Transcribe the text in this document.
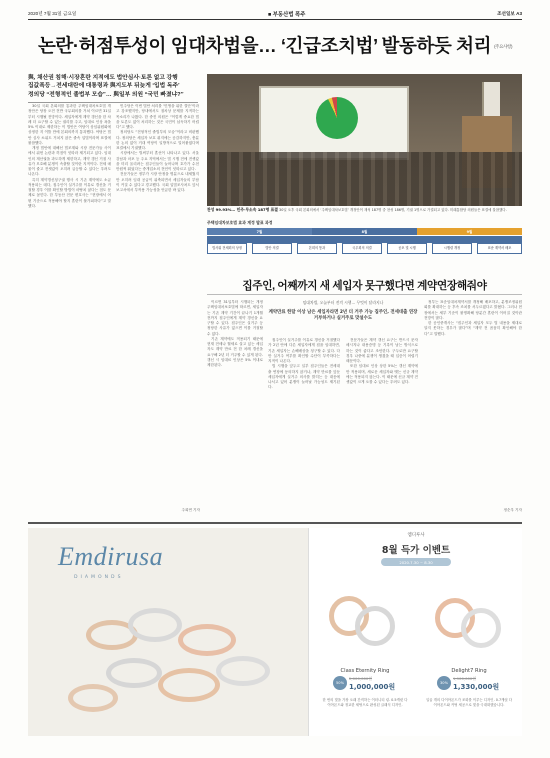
2020년 7월 31일 금요일	■ 부동산법 폭주	조선일보 A3
논란·허점투성이 임대차법을… ‘긴급조치법’ 발동하듯 처리 (주요사항)
與, 채산권 침해·시장혼란 지적에도 법안심사·토론 없고 강행
집값폭등→전세대란에 대통령과 與지도부 뒤늦게 ‘입법 독주’
정의당 “전형적인 졸법부 모습”… 與일부 의원 “국민 빠졌냐?”

30일 국회 본회의를 통과한 주택임대차보호법 개정안은 당장 오전 전반 국무회의를 거쳐 이르면 31일부터 시행될 전망이다. 세입자에게 계약 갱신을 한 차례 더 요구할 수 있는 권리를 주고, 임대료 인상 폭을 5% 이내로 제한하는 이 법안은 여당이 상임위원회에 상정한 지 이틀 만에 본회의까지 통과했다. 야당은 법안 심사 소위도 거치지 않은 졸속 입법이라며 표결에 불참했다.

개정 법안에 대해선 법조계와 시장 전문가들 사이에서 위헌 논란과 허점이 잇따라 제기되고 있다. 임대인의 재산권을 과도하게 제한하고, 계약 갱신 거절 사유가 모호해 분쟁이 속출할 것이란 지적이다. 전세 매물이 줄고 전셋값이 오히려 급등할 수 있다는 우려도 나온다.

특히 계약갱신청구권 행사 시 기존 계약에도 소급 적용되는 데다, 집주인이 실거주를 이유로 갱신을 거절할 경우 이를 확인할 방법이 마땅치 않다는 점도 문제로 꼽힌다. 한 부동산 전문 변호사는 “현장에서 어떤 기준으로 적용해야 할지 혼란이 불가피하다”고 말했다.

민주당은 이번 법안 처리를 ‘민생을 위한 결단’이라고 강조했지만, 당내에서도 절차상 문제를 지적하는 목소리가 나왔다. 한 중진 의원은 “이렇게 중요한 법을 토론도 없이 처리하는 것은 국민이 납득하기 어렵다”고 했다.

정의당도 “전형적인 졸법부의 모습”이라고 비판했다. 정의당은 세입자 보호 취지에는 공감하지만, 충분한 논의 없이 거대 여당이 일방적으로 밀어붙였다며 표결에서 기권했다.

시장에서는 벌써부터 혼선이 나타나고 있다. 서울 강남과 마포 등 주요 지역에서는 법 시행 전에 전셋값을 미리 올리려는 집주인들이 늘어나며 호가가 수천만원씩 뛰었다는 중개업소의 전언이 잇따르고 있다.

전문가들은 정부가 시장 안정을 명분으로 내세웠지만 오히려 임대 공급이 위축되면서 세입자들의 부담이 커질 수 있다고 경고했다. 국회 입법조사처도 앞서 보고서에서 부작용 가능성을 언급한 바 있다.

주희연 기자
찬성 99.93%… 민주·무소속 187명 표결 30일 오후 국회 본회의에서 ‘주택임대차보호법’ 개정안이 재석 187명 중 찬성 186명, 기권 1명으로 가결되고 있다. 미래통합당 의원들은 표결에 불참했다.
주택임대차보호법 효과 계정 발표 과정
7월	8월	9월
법사위 전체회의 상정	법안 의결	본회의 통과	국무회의 의결	공포 및 시행	시행령 개정	표준 계약서 배포
집주인, 어째까지 새 세입자 못구했다면 계약연장해줘야
임대차법, 오늘부터 전격 시행… 무엇이 달라지나
계약만료 한달 이상 남은 세입자라면 2년 더 거주 가능 집주인, 전세대출 연장 거부하거나 실거주로 맞설수도

이르면 31일부터 시행되는 개정 주택임대차보호법에 따르면, 세입자는 기존 계약 기간이 끝나기 1개월 전까지 집주인에게 계약 갱신을 요구할 수 있다. 집주인은 실거주 등 정당한 사유가 없으면 이를 거절할 수 없다.

기존 계약에도 적용되기 때문에 현재 전세나 월세로 살고 있는 세입자도 계약 만료 전 한 차례 갱신을 요구해 2년 더 거주할 수 있게 된다. 갱신 시 임대료 인상은 5% 이내로 제한된다.

집주인이 실거주를 이유로 갱신을 거절했다가 2년 안에 다른 세입자에게 집을 임대하면, 기존 세입자는 손해배상을 청구할 수 있다. 다만 실거주 여부를 확인할 수단이 부족하다는 지적이 나온다.

법 시행을 앞두고 일부 집주인들은 전세대출 연장에 동의하지 않거나, 계약 만료를 앞둔 세입자에게 실거주 의사를 밝히는 등 대응에 나서고 있어 분쟁이 늘어날 가능성도 제기된다.

전문가들은 계약 갱신 요구는 반드시 문자메시지나 내용증명 등 기록이 남는 방식으로 하는 것이 좋다고 조언한다. 구두로만 요구할 경우 나중에 분쟁이 생겼을 때 입증이 어렵기 때문이다.

또한 임대료 인상 상한 5%는 갱신 계약에만 적용되며, 새로운 세입자와 맺는 신규 계약에는 적용되지 않는다. 이 때문에 신규 계약 전셋값이 크게 오를 수 있다는 우려도 있다.

정부는 표준임대차계약서를 개정해 배포하고, 분쟁조정위원회를 확대하는 등 후속 조치를 서두르겠다고 밝혔다. 그러나 현장에서는 세부 기준이 불명확해 당분간 혼란이 이어질 것이란 전망이 많다.

한 공인중개사는 “집주인과 세입자 모두 법 내용을 제대로 알지 못하는 경우가 많다”며 “계약 전 꼼꼼히 확인해야 한다”고 말했다.

정순우 기자
Emdirusa
DIAMONDS
엠디루사
8월 득가 이벤트
2020.7.30 ~ 8.30
Class Eternity Ring
50%
2,000,000원
1,000,000원
한 번의 빛을 가장 오래 간직하는 이터니티 링. 0.5캐럿 다이아몬드와 정교한 세팅으로 완성된 클래식 디자인.
Delight7 Ring
30%
1,900,000원
1,330,000원
일곱 개의 다이아몬드가 조화를 이루는 디자인. 0.7캐럿 다이아몬드와 커팅 세공으로 빛을 극대화했습니다.
